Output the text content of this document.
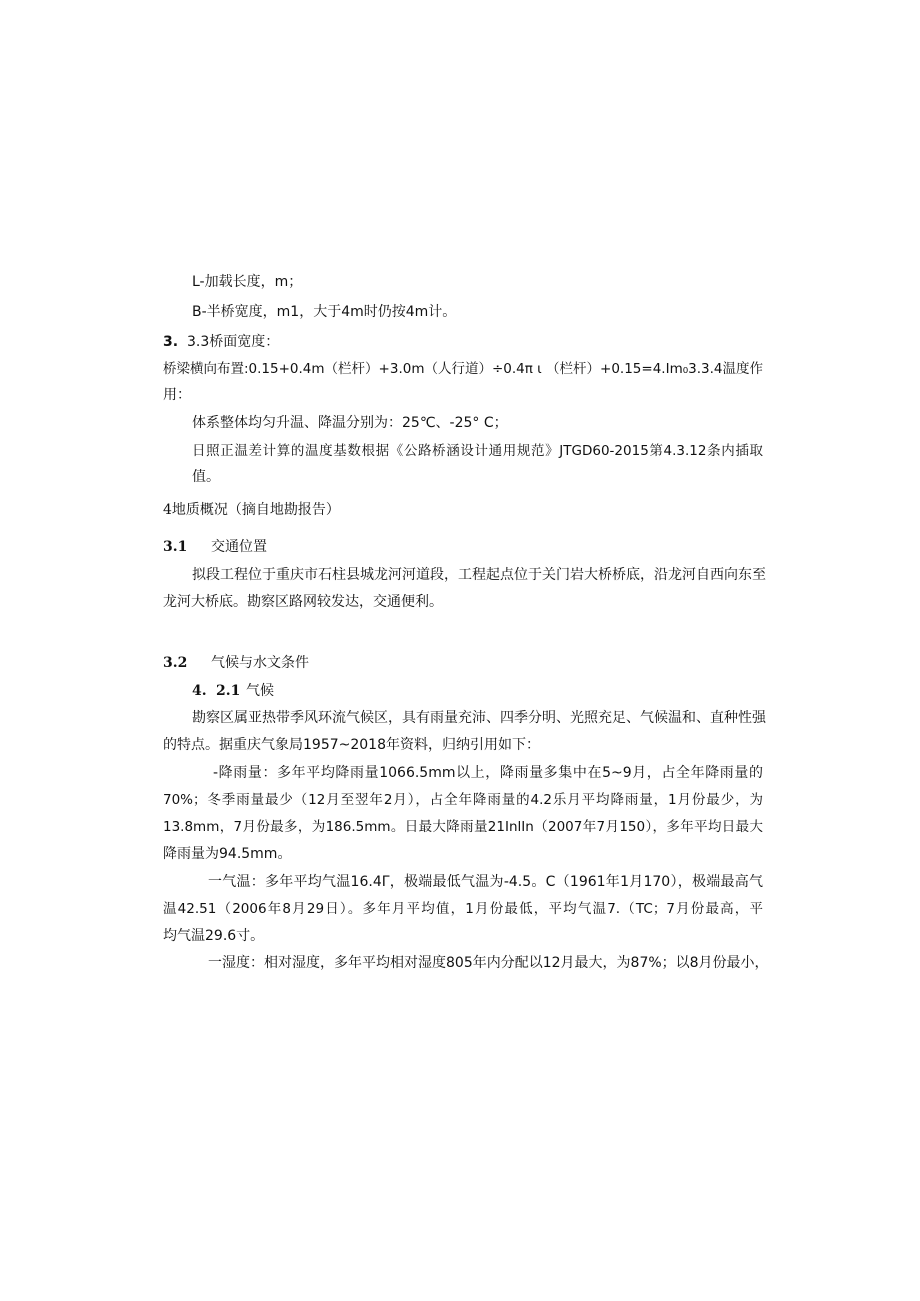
L-加载长度，m；
B-半桥宽度，m1，大于4m时仍按4m计。
3. 3.3桥面宽度：
桥梁横向布置:0.15+0.4m（栏杆）+3.0m（人行道）÷0.4π ι （栏杆）+0.15=4.Im₀3.3.4温度作
用：
体系整体均匀升温、降温分别为：25℃、-25° C；
日照正温差计算的温度基数根据《公路桥涵设计通用规范》JTGD60-2015第4.3.12条内插取
值。
4地质概况（摘自地勘报告）
3.1 交通位置
拟段工程位于重庆市石柱县城龙河河道段，工程起点位于关门岩大桥桥底，沿龙河自西向东至
龙河大桥底。勘察区路网较发达，交通便利。
3.2 气候与水文条件
4. 2.1 气候
勘察区属亚热带季风环流气候区，具有雨量充沛、四季分明、光照充足、气候温和、直种性强
的特点。据重庆气象局1957~2018年资料，归纳引用如下：
-降雨量：多年平均降雨量1066.5mm以上，降雨量多集中在5~9月，占全年降雨量的
70%；冬季雨量最少（12月至翌年2月），占全年降雨量的4.2乐月平均降雨量，1月份最少，为
13.8mm，7月份最多，为186.5mm。日最大降雨量21InlIn（2007年7月150），多年平均日最大
降雨量为94.5mm。
一气温：多年平均气温16.4Γ，极端最低气温为-4.5。C（1961年1月170），极端最高气
温42.51（2006年8月29日）。多年月平均值，1月份最低，平均气温7.（TC；7月份最高，平
均气温29.6寸。
一湿度：相对湿度，多年平均相对湿度805年内分配以12月最大，为87%；以8月份最小，
